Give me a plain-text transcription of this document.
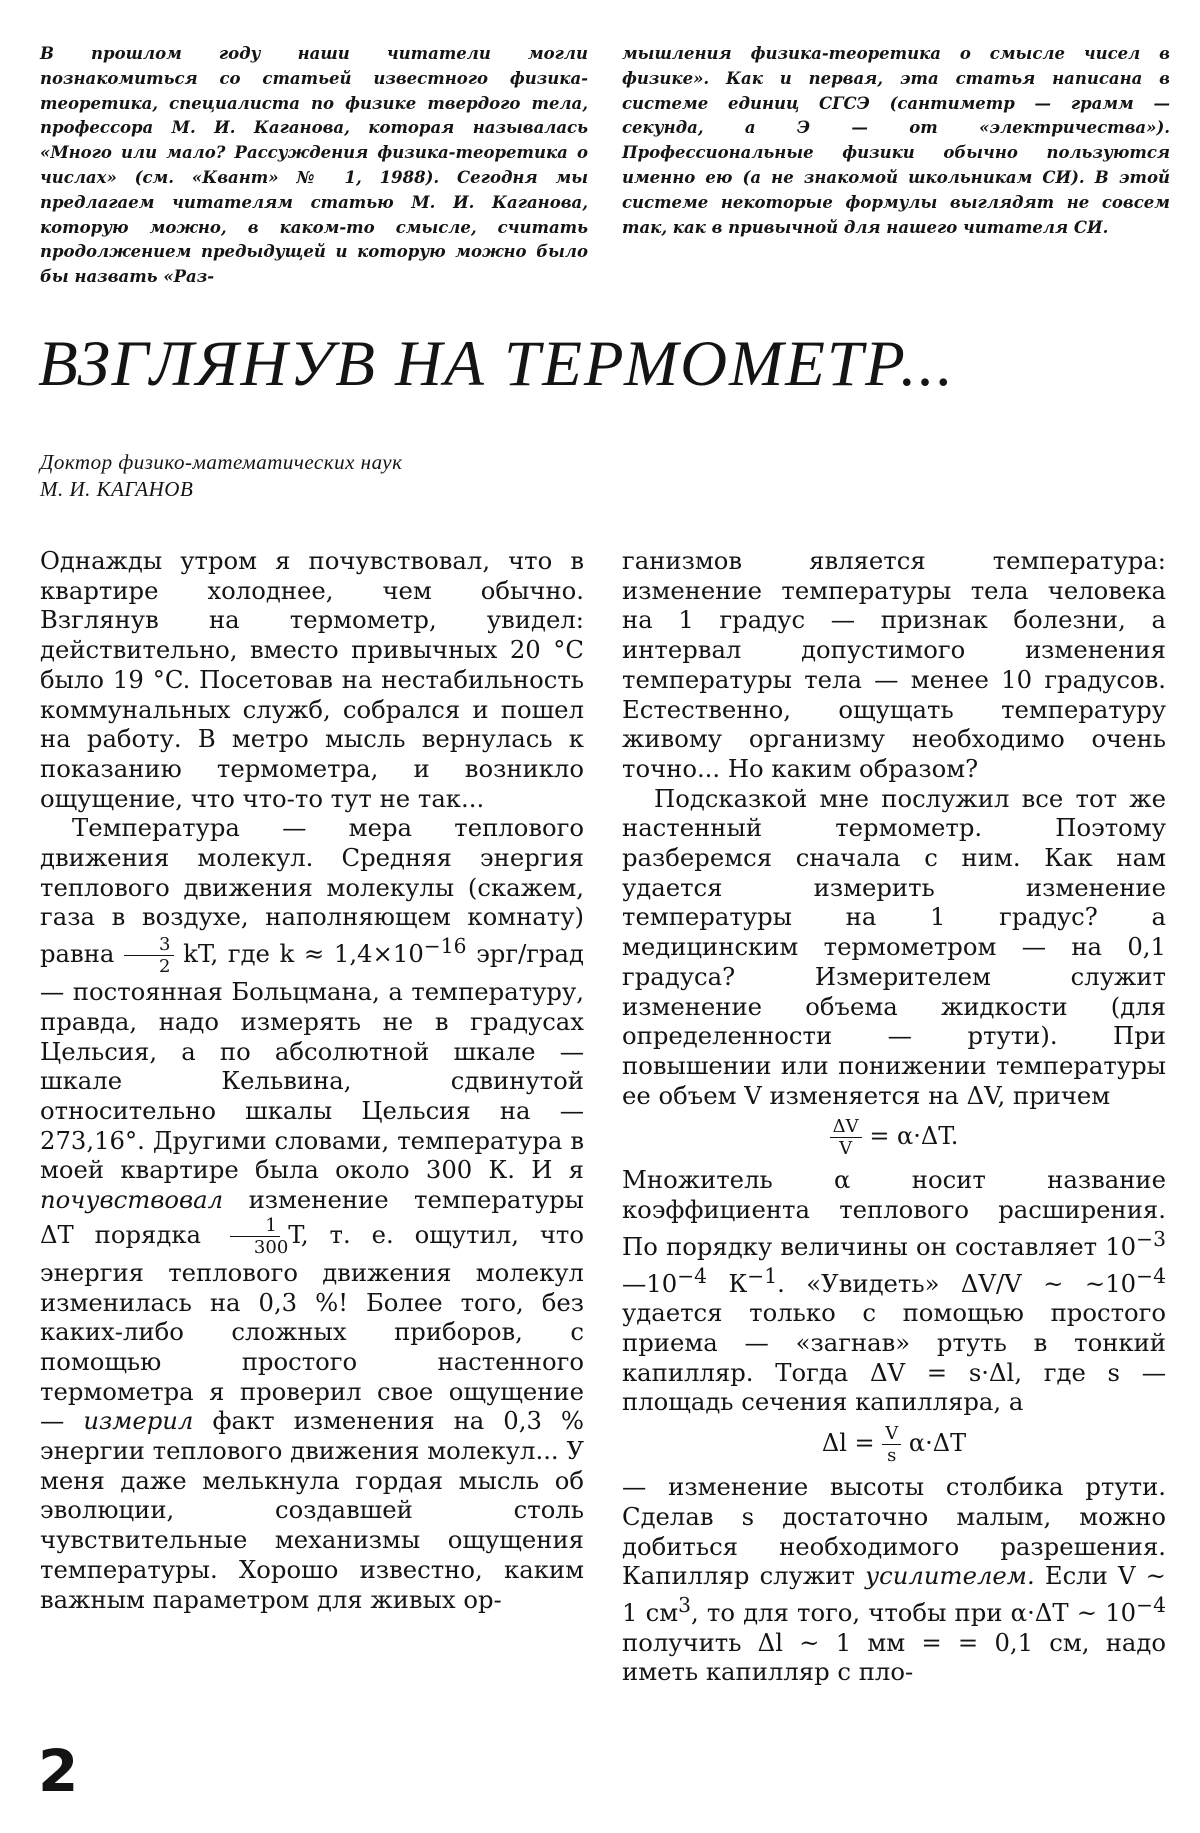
В прошлом году наши читатели могли познакомиться со статьей известного физика-теоретика, специалиста по физике твердого тела, профессора М. И. Каганова, которая называлась «Много или мало? Рассуждения физика-теоретика о числах» (см. «Квант» № 1, 1988). Сегодня мы предлагаем читателям статью М. И. Каганова, которую можно, в каком-то смысле, считать продолжением предыдущей и которую можно было бы назвать «Раз-

мышления физика-теоретика о смысле чисел в физике». Как и первая, эта статья написана в системе единиц СГСЭ (сантиметр — грамм — секунда, а Э — от «электричества»). Профессиональные физики обычно пользуются именно ею (а не знакомой школьникам СИ). В этой системе некоторые формулы выглядят не совсем так, как в привычной для нашего читателя СИ.

ВЗГЛЯНУВ НА ТЕРМОМЕТР...
Доктор физико-математических наук
М. И. КАГАНОВ

Однажды утром я почувствовал, что в квартире холоднее, чем обычно. Взглянув на термометр, увидел: действительно, вместо привычных 20 °C было 19 °C. Посетовав на нестабильность коммунальных служб, собрался и пошел на работу. В метро мысль вернулась к показанию термометра, и возникло ощущение, что что-то тут не так...

Температура — мера теплового движения молекул. Средняя энергия теплового движения молекулы (скажем, газа в воздухе, наполняющем комнату) равна $\frac{3}{2}$ kT, где $k \approx 1,4\times 10^{-16}$ эрг/град — постоянная Больцмана, а температуру, правда, надо измерять не в градусах Цельсия, а по абсолютной шкале — шкале Кельвина, сдвинутой относительно шкалы Цельсия на —273,16°. Другими словами, температура в моей квартире была около 300 К. И я почувствовал изменение температуры ΔT порядка $\frac{1}{300} T$, т. е. ощутил, что энергия теплового движения молекул изменилась на 0,3 %! Более того, без каких-либо сложных приборов, с помощью простого настенного термометра я проверил свое ощущение — измерил факт изменения на 0,3 % энергии теплового движения молекул... У меня даже мелькнула гордая мысль об эволюции, создавшей столь чувствительные механизмы ощущения температуры. Хорошо известно, каким важным параметром для живых ор-

ганизмов является температура: изменение температуры тела человека на 1 градус — признак болезни, а интервал допустимого изменения температуры тела — менее 10 градусов. Естественно, ощущать температуру живому организму необходимо очень точно... Но каким образом?

Подсказкой мне послужил все тот же настенный термометр. Поэтому разберемся сначала с ним. Как нам удается измерить изменение температуры на 1 градус? а медицинским термометром — на 0,1 градуса? Измерителем служит изменение объема жидкости (для определенности — ртути). При повышении или понижении температуры ее объем V изменяется на ΔV, причем

$\frac{\Delta V}{V} = \alpha\cdot\Delta T$.

Множитель α носит название коэффициента теплового расширения. По порядку величины он составляет $10^{-3}—10^{-4}$ $К^{-1}$. «Увидеть» ΔV/V ~ $\sim 10^{-4}$ удается только с помощью простого приема — «загнав» ртуть в тонкий капилляр. Тогда ΔV = s·Δl, где s — площадь сечения капилляра, а

$\Delta l = \frac{V}{s} \alpha\cdot\Delta T$

— изменение высоты столбика ртути. Сделав s достаточно малым, можно добиться необходимого разрешения. Капилляр служит усилителем. Если V ~ 1 $см^3$, то для того, чтобы при α·ΔT ~ $10^{-4}$ получить Δl ~ 1 мм = = 0,1 см, надо иметь капилляр с пло-

2
